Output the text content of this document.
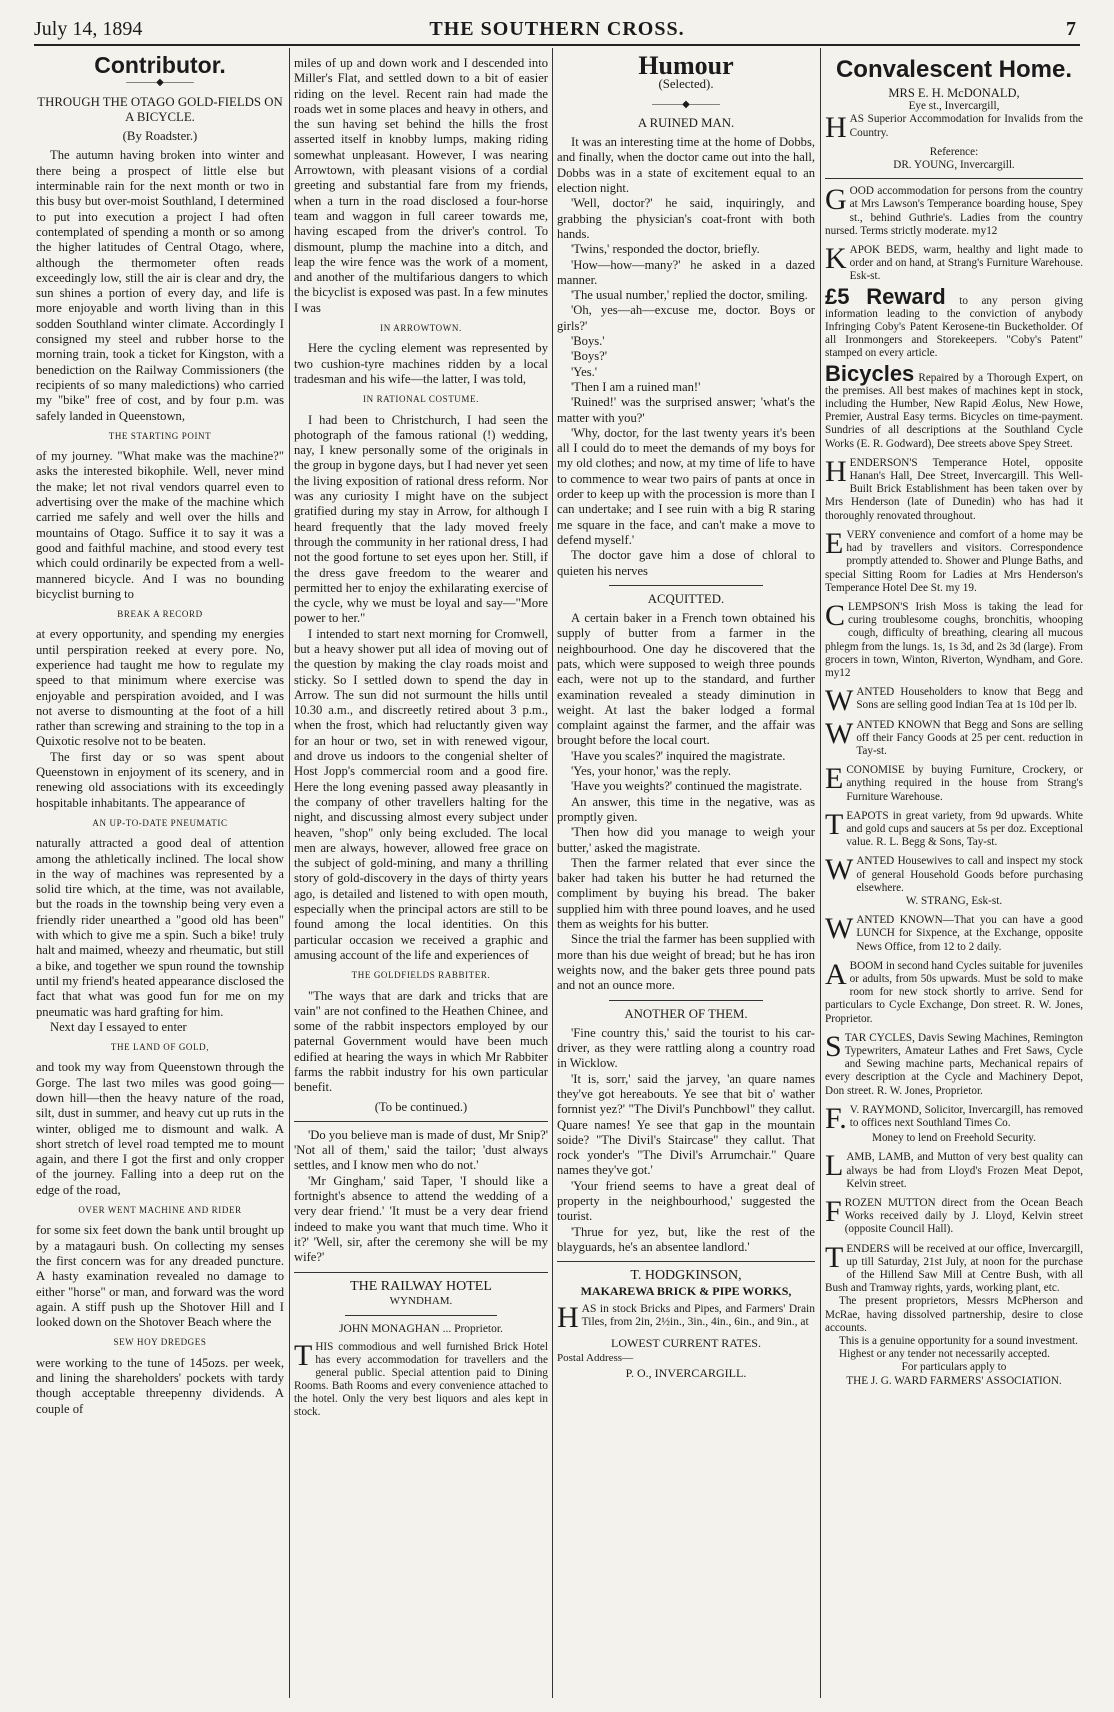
July 14, 1894	THE SOUTHERN CROSS.	7
Contributor.
———◆———
THROUGH THE OTAGO GOLD-FIELDS ON A BICYCLE.
(By Roadster.)

The autumn having broken into winter and there being a prospect of little else but interminable rain for the next month or two in this busy but over-moist Southland, I determined to put into execution a project I had often contemplated of spending a month or so among the higher latitudes of Central Otago, where, although the thermometer often reads exceedingly low, still the air is clear and dry, the sun shines a portion of every day, and life is more enjoyable and worth living than in this sodden Southland winter climate. Accordingly I consigned my steel and rubber horse to the morning train, took a ticket for Kingston, with a benediction on the Railway Commissioners (the recipients of so many maledictions) who carried my "bike" free of cost, and by four p.m. was safely landed in Queenstown,

THE STARTING POINT

of my journey. "What make was the machine?" asks the interested bikophile. Well, never mind the make; let not rival vendors quarrel even to advertising over the make of the machine which carried me safely and well over the hills and mountains of Otago. Suffice it to say it was a good and faithful machine, and stood every test which could ordinarily be expected from a well-mannered bicycle. And I was no bounding bicyclist burning to

BREAK A RECORD

at every opportunity, and spending my energies until perspiration reeked at every pore. No, experience had taught me how to regulate my speed to that minimum where exercise was enjoyable and perspiration avoided, and I was not averse to dismounting at the foot of a hill rather than screwing and straining to the top in a Quixotic resolve not to be beaten.

The first day or so was spent about Queenstown in enjoyment of its scenery, and in renewing old associations with its exceedingly hospitable inhabitants. The appearance of

AN UP-TO-DATE PNEUMATIC

naturally attracted a good deal of attention among the athletically inclined. The local show in the way of machines was represented by a solid tire which, at the time, was not available, but the roads in the township being very even a friendly rider unearthed a "good old has been" with which to give me a spin. Such a bike! truly halt and maimed, wheezy and rheumatic, but still a bike, and together we spun round the township until my friend's heated appearance disclosed the fact that what was good fun for me on my pneumatic was hard grafting for him.

Next day I essayed to enter

THE LAND OF GOLD,

and took my way from Queenstown through the Gorge. The last two miles was good going—down hill—then the heavy nature of the road, silt, dust in summer, and heavy cut up ruts in the winter, obliged me to dismount and walk. A short stretch of level road tempted me to mount again, and there I got the first and only cropper of the journey. Falling into a deep rut on the edge of the road,

OVER WENT MACHINE AND RIDER

for some six feet down the bank until brought up by a matagauri bush. On collecting my senses the first concern was for any dreaded puncture. A hasty examination revealed no damage to either "horse" or man, and forward was the word again. A stiff push up the Shotover Hill and I looked down on the Shotover Beach where the

SEW HOY DREDGES

were working to the tune of 145ozs. per week, and lining the shareholders' pockets with tardy though acceptable threepenny dividends. A couple of

miles of up and down work and I descended into Miller's Flat, and settled down to a bit of easier riding on the level. Recent rain had made the roads wet in some places and heavy in others, and the sun having set behind the hills the frost asserted itself in knobby lumps, making riding somewhat unpleasant. However, I was nearing Arrowtown, with pleasant visions of a cordial greeting and substantial fare from my friends, when a turn in the road disclosed a four-horse team and waggon in full career towards me, having escaped from the driver's control. To dismount, plump the machine into a ditch, and leap the wire fence was the work of a moment, and another of the multifarious dangers to which the bicyclist is exposed was past. In a few minutes I was

IN ARROWTOWN.

Here the cycling element was represented by two cushion-tyre machines ridden by a local tradesman and his wife—the latter, I was told,

IN RATIONAL COSTUME.

I had been to Christchurch, I had seen the photograph of the famous rational (!) wedding, nay, I knew personally some of the originals in the group in bygone days, but I had never yet seen the living exposition of rational dress reform. Nor was any curiosity I might have on the subject gratified during my stay in Arrow, for although I heard frequently that the lady moved freely through the community in her rational dress, I had not the good fortune to set eyes upon her. Still, if the dress gave freedom to the wearer and permitted her to enjoy the exhilarating exercise of the cycle, why we must be loyal and say—"More power to her."

I intended to start next morning for Cromwell, but a heavy shower put all idea of moving out of the question by making the clay roads moist and sticky. So I settled down to spend the day in Arrow. The sun did not surmount the hills until 10.30 a.m., and discreetly retired about 3 p.m., when the frost, which had reluctantly given way for an hour or two, set in with renewed vigour, and drove us indoors to the congenial shelter of Host Jopp's commercial room and a good fire. Here the long evening passed away pleasantly in the company of other travellers halting for the night, and discussing almost every subject under heaven, "shop" only being excluded. The local men are always, however, allowed free grace on the subject of gold-mining, and many a thrilling story of gold-discovery in the days of thirty years ago, is detailed and listened to with open mouth, especially when the principal actors are still to be found among the local identities. On this particular occasion we received a graphic and amusing account of the life and experiences of

THE GOLDFIELDS RABBITER.

"The ways that are dark and tricks that are vain" are not confined to the Heathen Chinee, and some of the rabbit inspectors employed by our paternal Government would have been much edified at hearing the ways in which Mr Rabbiter farms the rabbit industry for his own particular benefit.

(To be continued.)

'Do you believe man is made of dust, Mr Snip?' 'Not all of them,' said the tailor; 'dust always settles, and I know men who do not.'

'Mr Gingham,' said Taper, 'I should like a fortnight's absence to attend the wedding of a very dear friend.' 'It must be a very dear friend indeed to make you want that much time. Who it it?' 'Well, sir, after the ceremony she will be my wife?'

THE RAILWAY HOTEL
WYNDHAM.
JOHN MONAGHAN ... Proprietor.
THIS commodious and well furnished Brick Hotel has every accommodation for travellers and the general public. Special attention paid to Dining Rooms. Bath Rooms and every convenience attached to the hotel. Only the very best liquors and ales kept in stock.
Humour
(Selected).
———◆———
A RUINED MAN.

It was an interesting time at the home of Dobbs, and finally, when the doctor came out into the hall, Dobbs was in a state of excitement equal to an election night.

'Well, doctor?' he said, inquiringly, and grabbing the physician's coat-front with both hands.

'Twins,' responded the doctor, briefly.

'How—how—many?' he asked in a dazed manner.

'The usual number,' replied the doctor, smiling.

'Oh, yes—ah—excuse me, doctor. Boys or girls?'

'Boys.'

'Boys?'

'Yes.'

'Then I am a ruined man!'

'Ruined!' was the surprised answer; 'what's the matter with you?'

'Why, doctor, for the last twenty years it's been all I could do to meet the demands of my boys for my old clothes; and now, at my time of life to have to commence to wear two pairs of pants at once in order to keep up with the procession is more than I can undertake; and I see ruin with a big R staring me square in the face, and can't make a move to defend myself.'

The doctor gave him a dose of chloral to quieten his nerves

ACQUITTED.

A certain baker in a French town obtained his supply of butter from a farmer in the neighbourhood. One day he discovered that the pats, which were supposed to weigh three pounds each, were not up to the standard, and further examination revealed a steady diminution in weight. At last the baker lodged a formal complaint against the farmer, and the affair was brought before the local court.

'Have you scales?' inquired the magistrate.

'Yes, your honor,' was the reply.

'Have you weights?' continued the magistrate.

An answer, this time in the negative, was as promptly given.

'Then how did you manage to weigh your butter,' asked the magistrate.

Then the farmer related that ever since the baker had taken his butter he had returned the compliment by buying his bread. The baker supplied him with three pound loaves, and he used them as weights for his butter.

Since the trial the farmer has been supplied with more than his due weight of bread; but he has iron weights now, and the baker gets three pound pats and not an ounce more.

ANOTHER OF THEM.

'Fine country this,' said the tourist to his car-driver, as they were rattling along a country road in Wicklow.

'It is, sorr,' said the jarvey, 'an quare names they've got hereabouts. Ye see that bit o' wather fornnist yez?' "The Divil's Punchbowl" they callut. Quare names! Ye see that gap in the mountain soide? "The Divil's Staircase" they callut. That rock yonder's "The Divil's Arrumchair." Quare names they've got.'

'Your friend seems to have a great deal of property in the neighbourhood,' suggested the tourist.

'Thrue for yez, but, like the rest of the blayguards, he's an absentee landlord.'

T. HODGKINSON,
MAKAREWA BRICK & PIPE WORKS,
HAS in stock Bricks and Pipes, and Farmers' Drain Tiles, from 2in, 2½in., 3in., 4in., 6in., and 9in., at
LOWEST CURRENT RATES.
Postal Address—
P. O., INVERCARGILL.
Convalescent Home.
MRS E. H. McDONALD,
Eye st., Invercargill,
HAS Superior Accommodation for Invalids from the Country.
Reference:
DR. YOUNG, Invercargill.
GOOD accommodation for persons from the country at Mrs Lawson's Temperance boarding house, Spey st., behind Guthrie's. Ladies from the country nursed. Terms strictly moderate. my12
KAPOK BEDS, warm, healthy and light made to order and on hand, at Strang's Furniture Warehouse. Esk-st.
£5 Reward to any person giving information leading to the conviction of anybody Infringing Coby's Patent Kerosene-tin Bucketholder. Of all Ironmongers and Storekeepers. "Coby's Patent" stamped on every article.
Bicycles Repaired by a Thorough Expert, on the premises. All best makes of machines kept in stock, including the Humber, New Rapid Æolus, New Howe, Premier, Austral Easy terms. Bicycles on time-payment. Sundries of all descriptions at the Southland Cycle Works (E. R. Godward), Dee streets above Spey Street.
HENDERSON'S Temperance Hotel, opposite Hanan's Hall, Dee Street, Invercargill. This Well-Built Brick Establishment has been taken over by Mrs Henderson (late of Dunedin) who has had it thoroughly renovated throughout.
EVERY convenience and comfort of a home may be had by travellers and visitors. Correspondence promptly attended to. Shower and Plunge Baths, and special Sitting Room for Ladies at Mrs Henderson's Temperance Hotel Dee St. my 19.
CLEMPSON'S Irish Moss is taking the lead for curing troublesome coughs, bronchitis, whooping cough, difficulty of breathing, clearing all mucous phlegm from the lungs. 1s, 1s 3d, and 2s 3d (large). From grocers in town, Winton, Riverton, Wyndham, and Gore. my12
WANTED Householders to know that Begg and Sons are selling good Indian Tea at 1s 10d per lb.
WANTED KNOWN that Begg and Sons are selling off their Fancy Goods at 25 per cent. reduction in Tay-st.
ECONOMISE by buying Furniture, Crockery, or anything required in the house from Strang's Furniture Warehouse.
TEAPOTS in great variety, from 9d upwards. White and gold cups and saucers at 5s per doz. Exceptional value. R. L. Begg & Sons, Tay-st.
WANTED Housewives to call and inspect my stock of general Household Goods before purchasing elsewhere.
W. STRANG, Esk-st.
WANTED KNOWN—That you can have a good LUNCH for Sixpence, at the Exchange, opposite News Office, from 12 to 2 daily.
ABOOM in second hand Cycles suitable for juveniles or adults, from 50s upwards. Must be sold to make room for new stock shortly to arrive. Send for particulars to Cycle Exchange, Don street. R. W. Jones, Proprietor.
STAR CYCLES, Davis Sewing Machines, Remington Typewriters, Amateur Lathes and Fret Saws, Cycle and Sewing machine parts, Mechanical repairs of every description at the Cycle and Machinery Depot, Don street. R. W. Jones, Proprietor.
F. V. RAYMOND, Solicitor, Invercargill, has removed to offices next Southland Times Co.
Money to lend on Freehold Security.
LAMB, LAMB, and Mutton of very best quality can always be had from Lloyd's Frozen Meat Depot, Kelvin street.
FROZEN MUTTON direct from the Ocean Beach Works received daily by J. Lloyd, Kelvin street (opposite Council Hall).
TENDERS will be received at our office, Invercargill, up till Saturday, 21st July, at noon for the purchase of the Hillend Saw Mill at Centre Bush, with all Bush and Tramway rights, yards, working plant, etc.

The present proprietors, Messrs McPherson and McRae, having dissolved partnership, desire to close accounts.

This is a genuine opportunity for a sound investment.

Highest or any tender not necessarily accepted.

For particulars apply to
THE J. G. WARD FARMERS' ASSOCIATION.
